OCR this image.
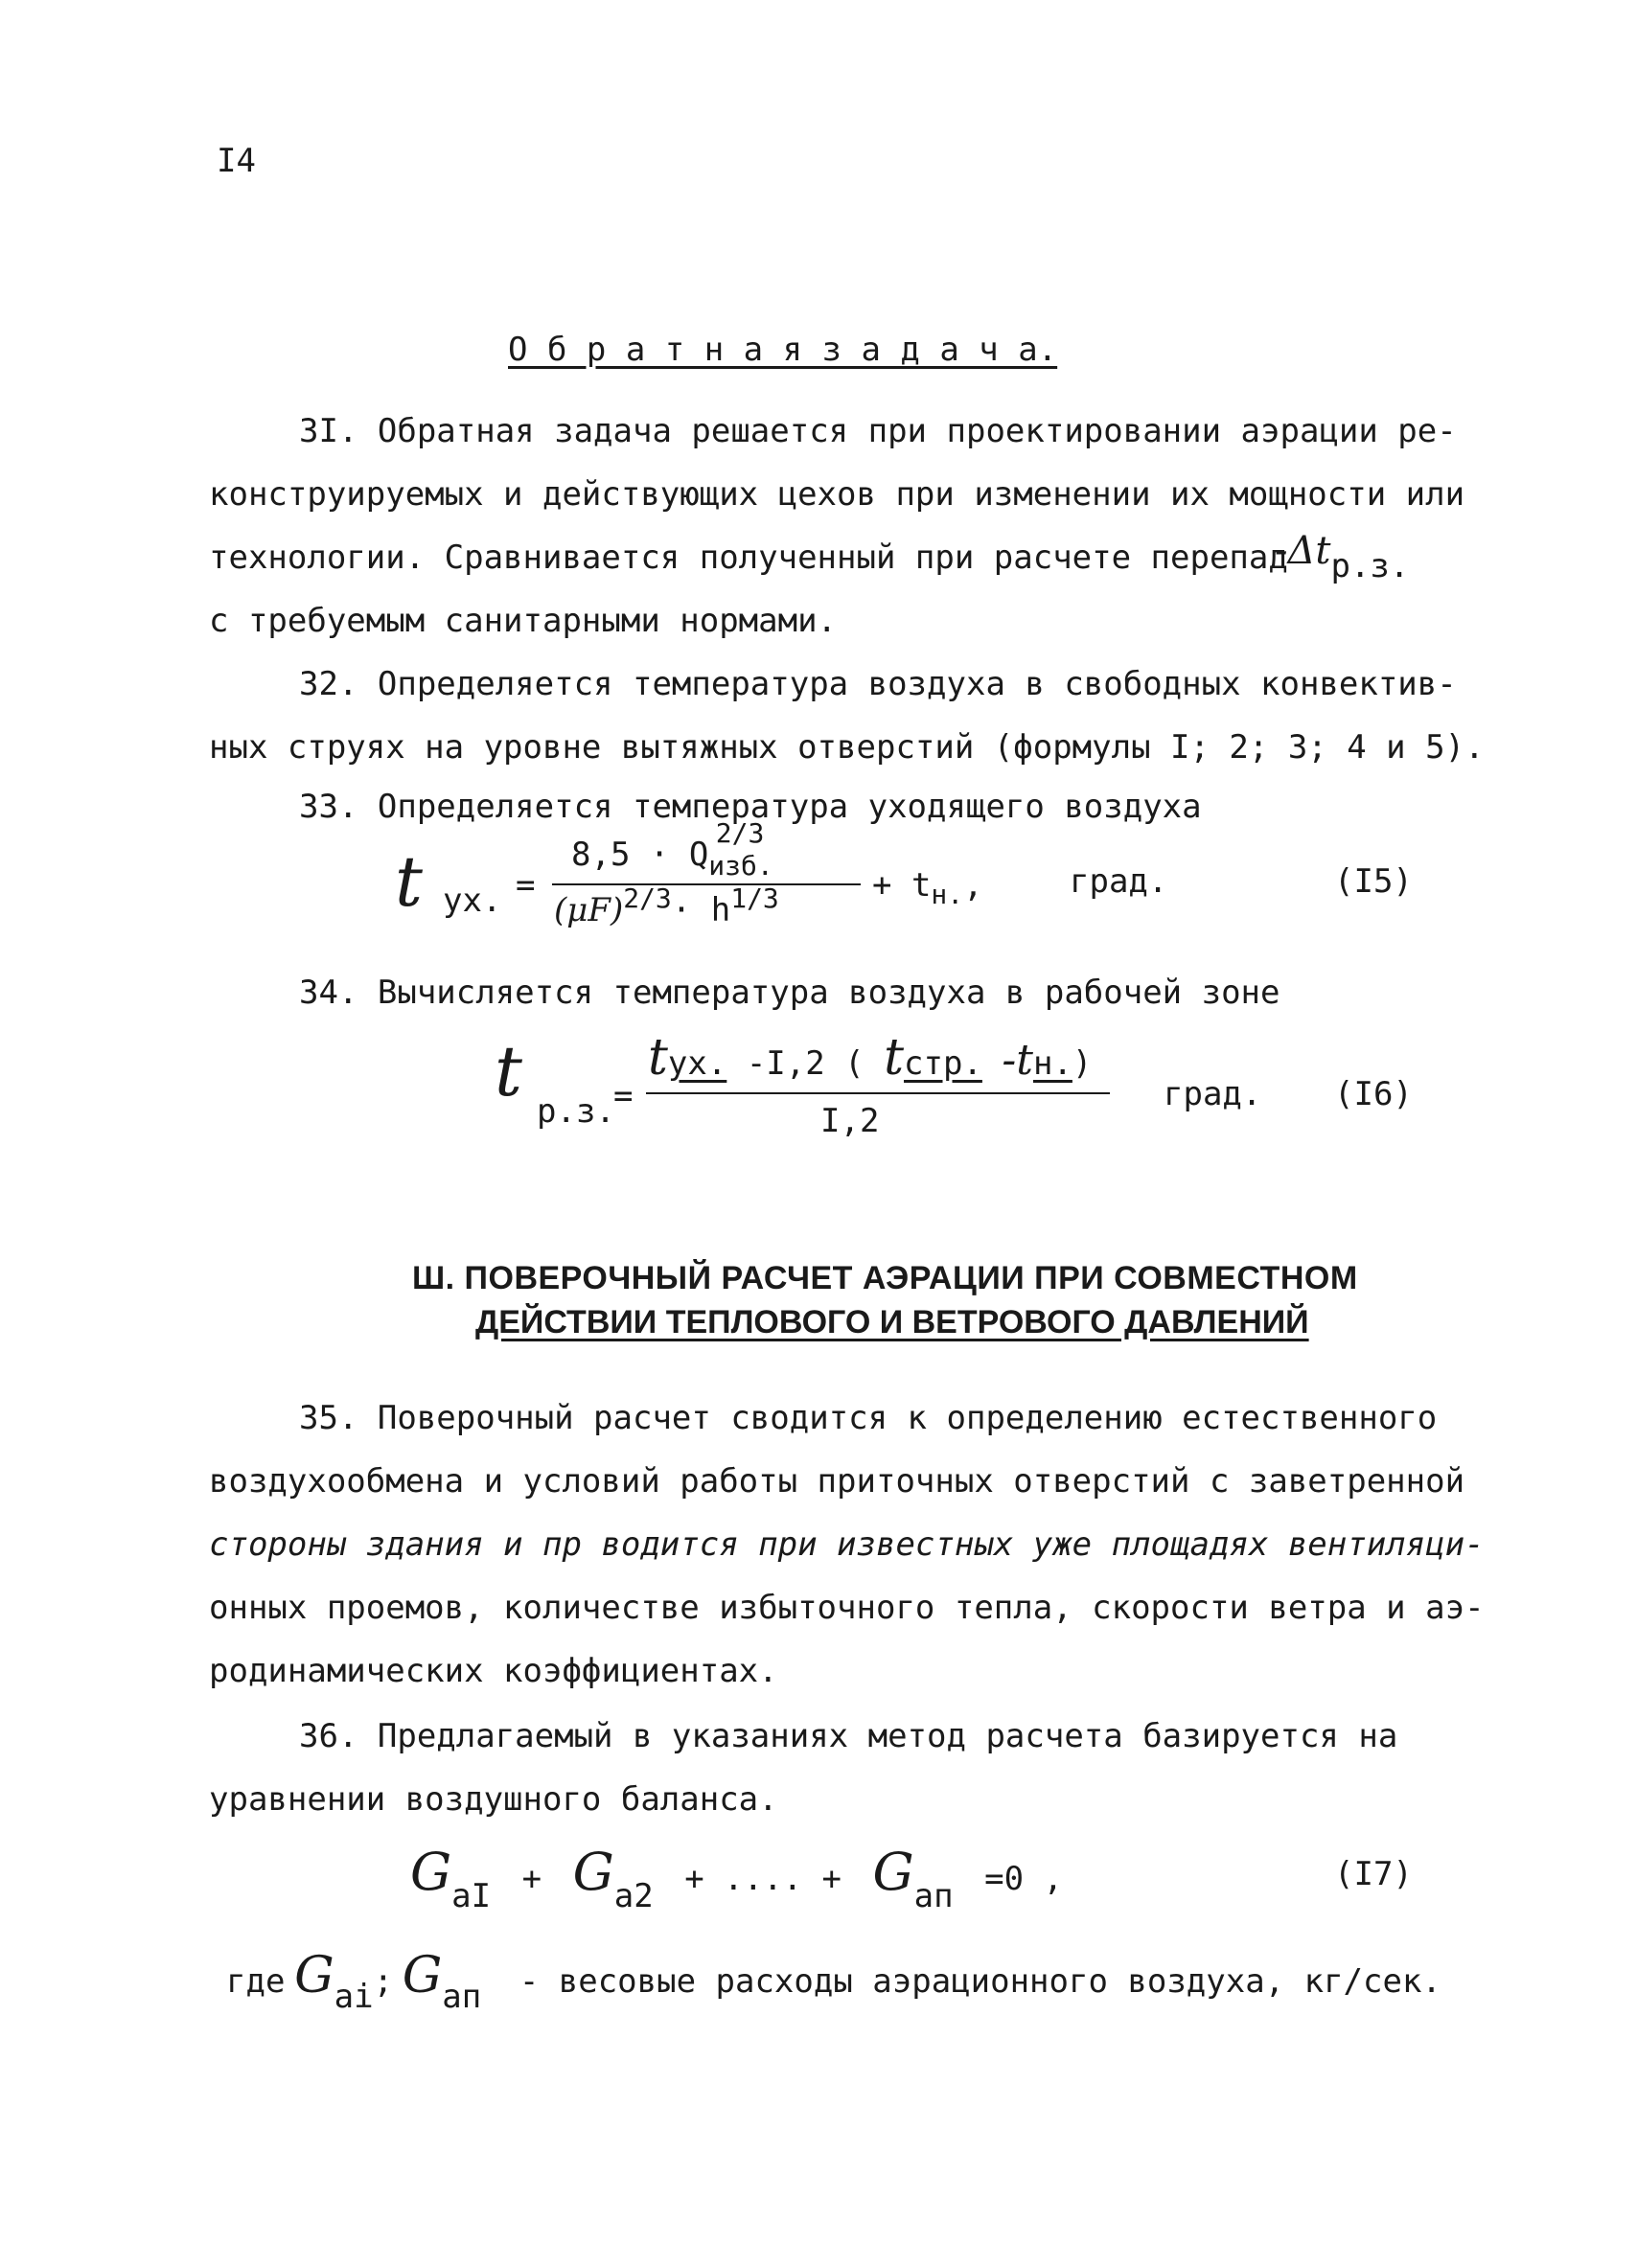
I4
О б р а т н а я з а д а ч а.
3I. Обратная задача решается при проектировании аэрации ре-
конструируемых и действующих цехов при изменении их мощности или
технологии. Сравнивается полученный при расчете перепад
$-\Delta t_{р.з.}$
с требуемым санитарными нормами.
32. Определяется температура воздуха в свободных конвектив-
ных струях на уровне вытяжных отверстий (формулы I; 2; 3; 4 и 5).
33. Определяется температура уходящего воздуха
t ух. =
$8,5 \cdot Q_{изб.}^{2/3}$
$(\mu F)^{2/3}\cdot h^{1/3}$	+ $t_{н.}$,	град.	(I5)
34. Вычисляется температура воздуха в рабочей зоне
t р.з.
=
tух. -I,2 ( tстр. -tн.)
I,2
град. (I6)
Ш. ПОВЕРОЧНЫЙ РАСЧЕТ АЭРАЦИИ ПРИ СОВМЕСТНОМ
ДЕЙСТВИИ ТЕПЛОВОГО И ВЕТРОВОГО ДАВЛЕНИЙ
35. Поверочный расчет сводится к определению естественного
воздухообмена и условий работы приточных отверстий с заветренной
стороны здания и пр водится при известных уже площадях вентиляци-
онных проемов, количестве избыточного тепла, скорости ветра и аэ-
родинамических коэффициентах.
36. Предлагаемый в указаниях метод расчета базируется на
уравнении воздушного баланса.
$G_{aI} + G_{a2}$ + .... + $G_{aп} =0$ ,	(I7)
где Gai; Gaп - весовые расходы аэрационного воздуха, кг/сек.
